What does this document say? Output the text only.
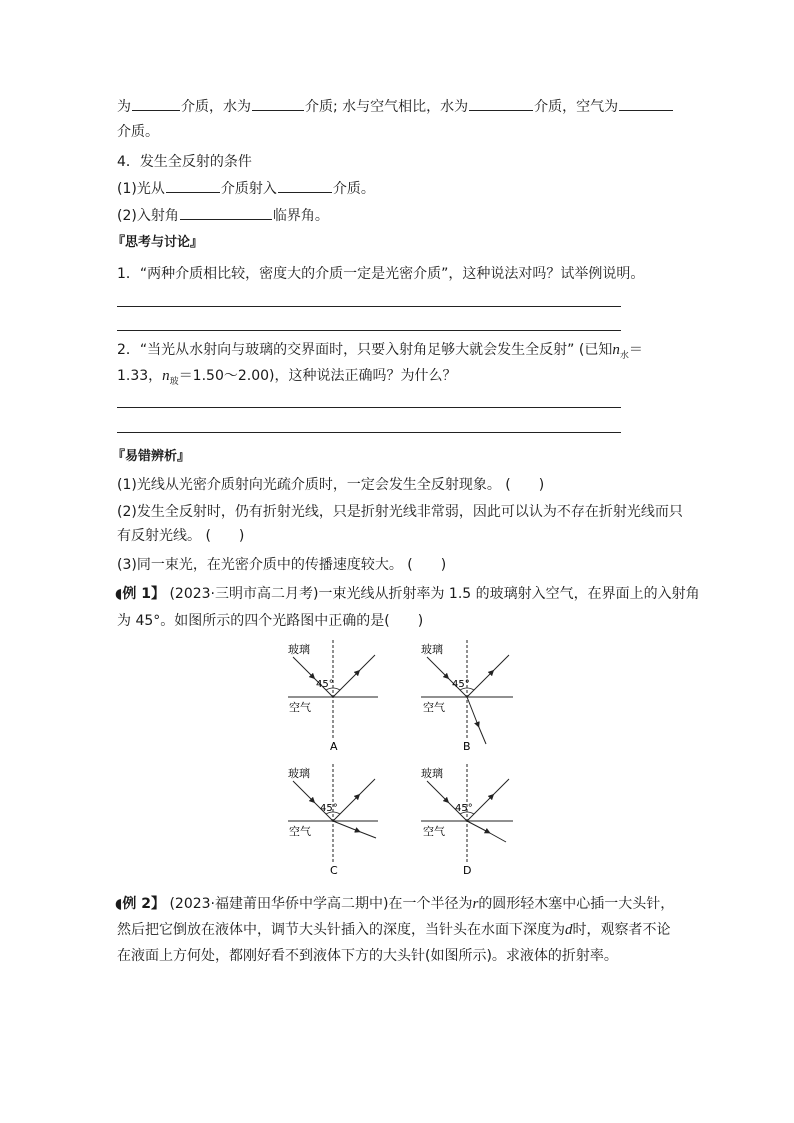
为	介质，水为	介质; 水与空气相比，水为	介质，空气为
介质。
4．发生全反射的条件
(1)光从	介质射入	介质。
(2)入射角	临界角。
『思考与讨论』
1．“两种介质相比较，密度大的介质一定是光密介质”，这种说法对吗？试举例说明。
2．“当光从水射向与玻璃的交界面时，只要入射角足够大就会发生全反射” (已知$n_水=$
1.33，$n_玻=1.50\sim 2.00$)，这种说法正确吗？为什么？
『易错辨析』
(1)光线从光密介质射向光疏介质时，一定会发生全反射现象。 (　　)
(2)发生全反射时，仍有折射光线，只是折射光线非常弱，因此可以认为不存在折射光线而只
有反射光线。 (　　)
(3)同一束光，在光密介质中的传播速度较大。 (　　)
◖例 1】 (2023·三明市高二月考)一束光线从折射率为 1.5 的玻璃射入空气，在界面上的入射角
为 45°。如图所示的四个光路图中正确的是(　　)
玻璃
45°
空气
A
玻璃
45°
空气
B
玻璃
45°
空气
C
玻璃
45°
空气
D
◖例 2】 (2023·福建莆田华侨中学高二期中)在一个半径为r的圆形轻木塞中心插一大头针，
然后把它倒放在液体中，调节大头针插入的深度，当针头在水面下深度为d时，观察者不论
在液面上方何处，都刚好看不到液体下方的大头针(如图所示)。求液体的折射率。
